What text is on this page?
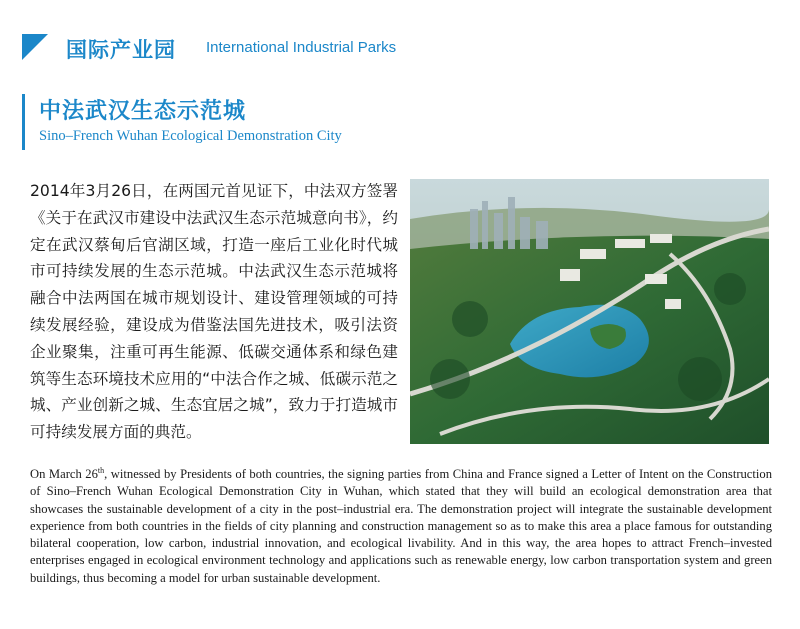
国际产业园 International Industrial Parks
中法武汉生态示范城
Sino–French Wuhan Ecological Demonstration City

2014年3月26日，在两国元首见证下，中法双方签署《关于在武汉市建设中法武汉生态示范城意向书》，约定在武汉蔡甸后官湖区域，打造一座后工业化时代城市可持续发展的生态示范城。中法武汉生态示范城将融合中法两国在城市规划设计、建设管理领域的可持续发展经验，建设成为借鉴法国先进技术，吸引法资企业聚集，注重可再生能源、低碳交通体系和绿色建筑等生态环境技术应用的“中法合作之城、低碳示范之城、产业创新之城、生态宜居之城”，致力于打造城市可持续发展方面的典范。

On March 26th, witnessed by Presidents of both countries, the signing parties from China and France signed a Letter of Intent on the Construction of Sino–French Wuhan Ecological Demonstration City in Wuhan, which stated that they will build an ecological demonstration area that showcases the sustainable development of a city in the post–industrial era. The demonstration project will integrate the sustainable development experience from both countries in the fields of city planning and construction management so as to make this area a place famous for outstanding bilateral cooperation, low carbon, industrial innovation, and ecological livability. And in this way, the area hopes to attract French–invested enterprises engaged in ecological environment technology and applications such as renewable energy, low carbon transportation system and green buildings, thus becoming a model for urban sustainable development.
